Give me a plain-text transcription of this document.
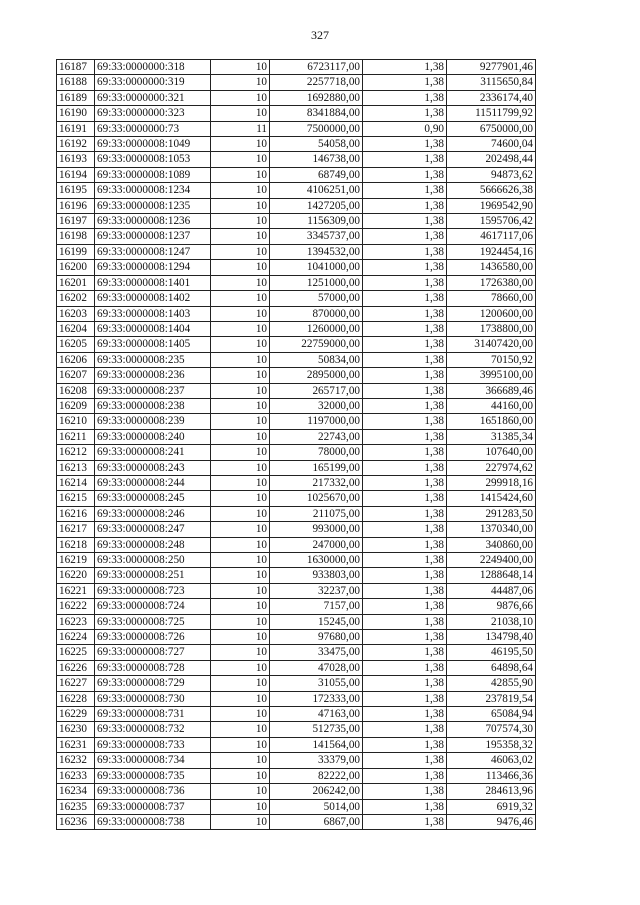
327
16187	69:33:0000000:318	10	6723117,00	1,38	9277901,46
16188	69:33:0000000:319	10	2257718,00	1,38	3115650,84
16189	69:33:0000000:321	10	1692880,00	1,38	2336174,40
16190	69:33:0000000:323	10	8341884,00	1,38	11511799,92
16191	69:33:0000000:73	11	7500000,00	0,90	6750000,00
16192	69:33:0000008:1049	10	54058,00	1,38	74600,04
16193	69:33:0000008:1053	10	146738,00	1,38	202498,44
16194	69:33:0000008:1089	10	68749,00	1,38	94873,62
16195	69:33:0000008:1234	10	4106251,00	1,38	5666626,38
16196	69:33:0000008:1235	10	1427205,00	1,38	1969542,90
16197	69:33:0000008:1236	10	1156309,00	1,38	1595706,42
16198	69:33:0000008:1237	10	3345737,00	1,38	4617117,06
16199	69:33:0000008:1247	10	1394532,00	1,38	1924454,16
16200	69:33:0000008:1294	10	1041000,00	1,38	1436580,00
16201	69:33:0000008:1401	10	1251000,00	1,38	1726380,00
16202	69:33:0000008:1402	10	57000,00	1,38	78660,00
16203	69:33:0000008:1403	10	870000,00	1,38	1200600,00
16204	69:33:0000008:1404	10	1260000,00	1,38	1738800,00
16205	69:33:0000008:1405	10	22759000,00	1,38	31407420,00
16206	69:33:0000008:235	10	50834,00	1,38	70150,92
16207	69:33:0000008:236	10	2895000,00	1,38	3995100,00
16208	69:33:0000008:237	10	265717,00	1,38	366689,46
16209	69:33:0000008:238	10	32000,00	1,38	44160,00
16210	69:33:0000008:239	10	1197000,00	1,38	1651860,00
16211	69:33:0000008:240	10	22743,00	1,38	31385,34
16212	69:33:0000008:241	10	78000,00	1,38	107640,00
16213	69:33:0000008:243	10	165199,00	1,38	227974,62
16214	69:33:0000008:244	10	217332,00	1,38	299918,16
16215	69:33:0000008:245	10	1025670,00	1,38	1415424,60
16216	69:33:0000008:246	10	211075,00	1,38	291283,50
16217	69:33:0000008:247	10	993000,00	1,38	1370340,00
16218	69:33:0000008:248	10	247000,00	1,38	340860,00
16219	69:33:0000008:250	10	1630000,00	1,38	2249400,00
16220	69:33:0000008:251	10	933803,00	1,38	1288648,14
16221	69:33:0000008:723	10	32237,00	1,38	44487,06
16222	69:33:0000008:724	10	7157,00	1,38	9876,66
16223	69:33:0000008:725	10	15245,00	1,38	21038,10
16224	69:33:0000008:726	10	97680,00	1,38	134798,40
16225	69:33:0000008:727	10	33475,00	1,38	46195,50
16226	69:33:0000008:728	10	47028,00	1,38	64898,64
16227	69:33:0000008:729	10	31055,00	1,38	42855,90
16228	69:33:0000008:730	10	172333,00	1,38	237819,54
16229	69:33:0000008:731	10	47163,00	1,38	65084,94
16230	69:33:0000008:732	10	512735,00	1,38	707574,30
16231	69:33:0000008:733	10	141564,00	1,38	195358,32
16232	69:33:0000008:734	10	33379,00	1,38	46063,02
16233	69:33:0000008:735	10	82222,00	1,38	113466,36
16234	69:33:0000008:736	10	206242,00	1,38	284613,96
16235	69:33:0000008:737	10	5014,00	1,38	6919,32
16236	69:33:0000008:738	10	6867,00	1,38	9476,46
